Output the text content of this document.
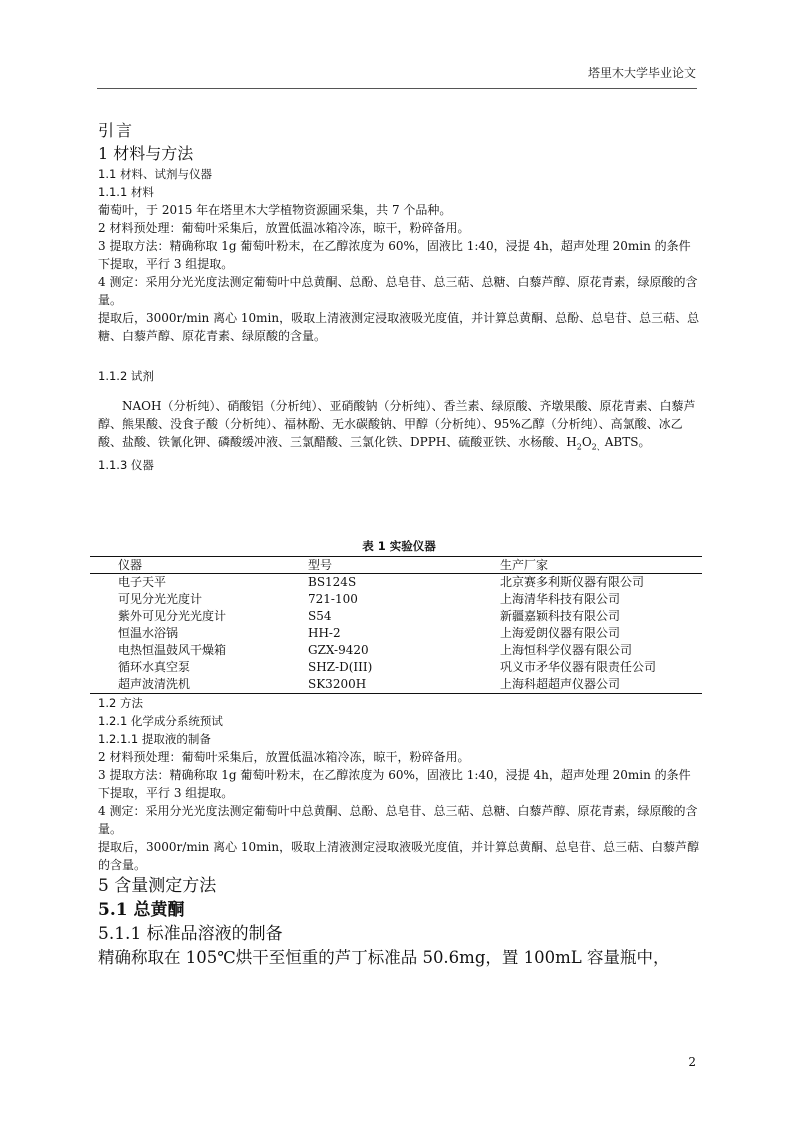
塔里木大学毕业论文

引言

1 材料与方法

1.1 材料、试剂与仪器

1.1.1 材料

葡萄叶，于 2015 年在塔里木大学植物资源圃采集，共 7 个品种。

2 材料预处理：葡萄叶采集后，放置低温冰箱冷冻，晾干，粉碎备用。

3 提取方法：精确称取 1g 葡萄叶粉末，在乙醇浓度为 60%，固液比 1:40，浸提 4h，超声处理 20min 的条件下提取，平行 3 组提取。

4 测定：采用分光光度法测定葡萄叶中总黄酮、总酚、总皂苷、总三萜、总糖、白藜芦醇、原花青素，绿原酸的含量。

提取后，3000r/min 离心 10min，吸取上清液测定浸取液吸光度值，并计算总黄酮、总酚、总皂苷、总三萜、总糖、白藜芦醇、原花青素、绿原酸的含量。

1.1.2 试剂

NAOH（分析纯）、硝酸铝（分析纯）、亚硝酸钠（分析纯）、香兰素、绿原酸、齐墩果酸、原花青素、白藜芦醇、熊果酸、没食子酸（分析纯）、福林酚、无水碳酸钠、甲醇（分析纯）、95%乙醇（分析纯）、高氯酸、冰乙酸、盐酸、铁氰化钾、磷酸缓冲液、三氯醋酸、三氯化铁、DPPH、硫酸亚铁、水杨酸、$H_2O_{2、}ABTS$。

1.1.3 仪器

表 1 实验仪器

仪器	型号	生产厂家
电子天平	BS124S	北京赛多利斯仪器有限公司
可见分光光度计	721-100	上海清华科技有限公司
紫外可见分光光度计	S54	新疆嘉颖科技有限公司
恒温水浴锅	HH-2	上海爱朗仪器有限公司
电热恒温鼓风干燥箱	GZX-9420	上海恒科学仪器有限公司
循环水真空泵	SHZ-D(III)	巩义市矛华仪器有限责任公司
超声波清洗机	SK3200H	上海科超超声仪器公司

1.2 方法

1.2.1 化学成分系统预试

1.2.1.1 提取液的制备

2 材料预处理：葡萄叶采集后，放置低温冰箱冷冻，晾干，粉碎备用。

3 提取方法：精确称取 1g 葡萄叶粉末，在乙醇浓度为 60%，固液比 1:40，浸提 4h，超声处理 20min 的条件下提取，平行 3 组提取。

4 测定：采用分光光度法测定葡萄叶中总黄酮、总酚、总皂苷、总三萜、总糖、白藜芦醇、原花青素，绿原酸的含量。

提取后，3000r/min 离心 10min，吸取上清液测定浸取液吸光度值，并计算总黄酮、总皂苷、总三萜、白藜芦醇的含量。

5 含量测定方法

5.1 总黄酮

5.1.1 标准品溶液的制备

精确称取在 105℃烘干至恒重的芦丁标准品 50.6mg，置 100mL 容量瓶中，

2
